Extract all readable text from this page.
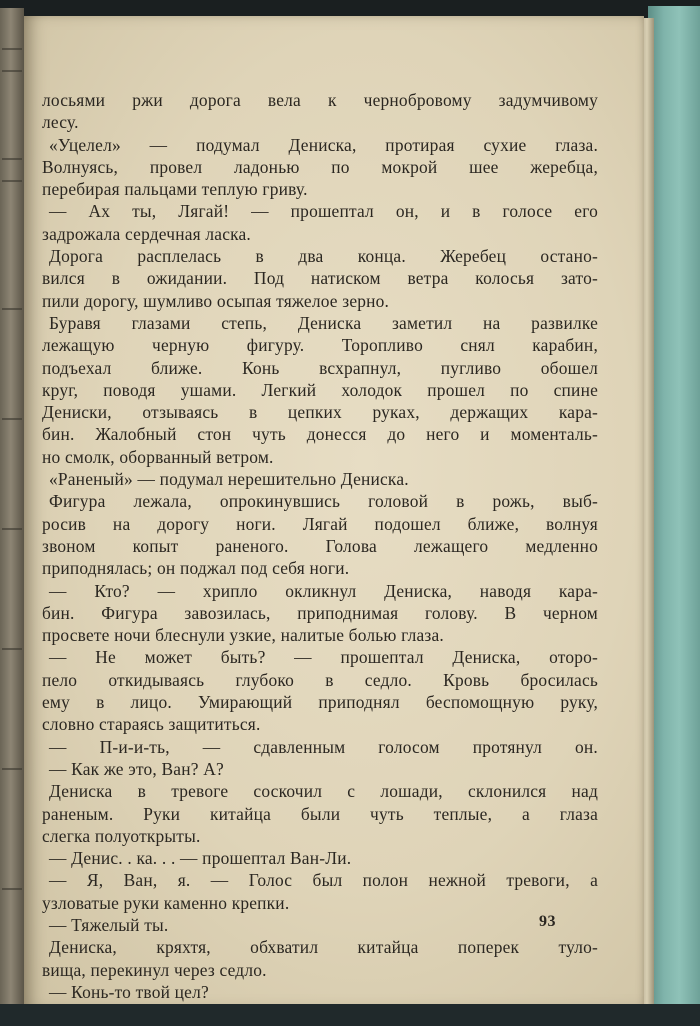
лосьями ржи дорога вела к чернобровому задумчивому
лесу.
«Уцелел» — подумал Дениска, протирая сухие глаза.
Волнуясь, провел ладонью по мокрой шее жеребца,
перебирая пальцами теплую гриву.
— Ах ты, Лягай! — прошептал он, и в голосе его
задрожала сердечная ласка.
Дорога расплелась в два конца. Жеребец остано-
вился в ожидании. Под натиском ветра колосья зато-
пили дорогу, шумливо осыпая тяжелое зерно.
Буравя глазами степь, Дениска заметил на развилке
лежащую черную фигуру. Торопливо снял карабин,
подъехал ближе. Конь всхрапнул, пугливо обошел
круг, поводя ушами. Легкий холодок прошел по спине
Дениски, отзываясь в цепких руках, держащих кара-
бин. Жалобный стон чуть донесся до него и моменталь-
но смолк, оборванный ветром.
«Раненый» — подумал нерешительно Дениска.
Фигура лежала, опрокинувшись головой в рожь, выб-
росив на дорогу ноги. Лягай подошел ближе, волнуя
звоном копыт раненого. Голова лежащего медленно
приподнялась; он поджал под себя ноги.
— Кто? — хрипло окликнул Дениска, наводя кара-
бин. Фигура завозилась, приподнимая голову. В черном
просвете ночи блеснули узкие, налитые болью глаза.
— Не может быть? — прошептал Дениска, оторо-
пело откидываясь глубоко в седло. Кровь бросилась
ему в лицо. Умирающий приподнял беспомощную руку,
словно стараясь защититься.
— П-и-и-ть, — сдавленным голосом протянул он.
— Как же это, Ван? А?
Дениска в тревоге соскочил с лошади, склонился над
раненым. Руки китайца были чуть теплые, а глаза
слегка полуоткрыты.
— Денис. . ка. . . — прошептал Ван-Ли.
— Я, Ван, я. — Голос был полон нежной тревоги, а
узловатые руки каменно крепки.
— Тяжелый ты.
Дениска, кряхтя, обхватил китайца поперек туло-
вища, перекинул через седло.
— Конь-то твой цел?
93
